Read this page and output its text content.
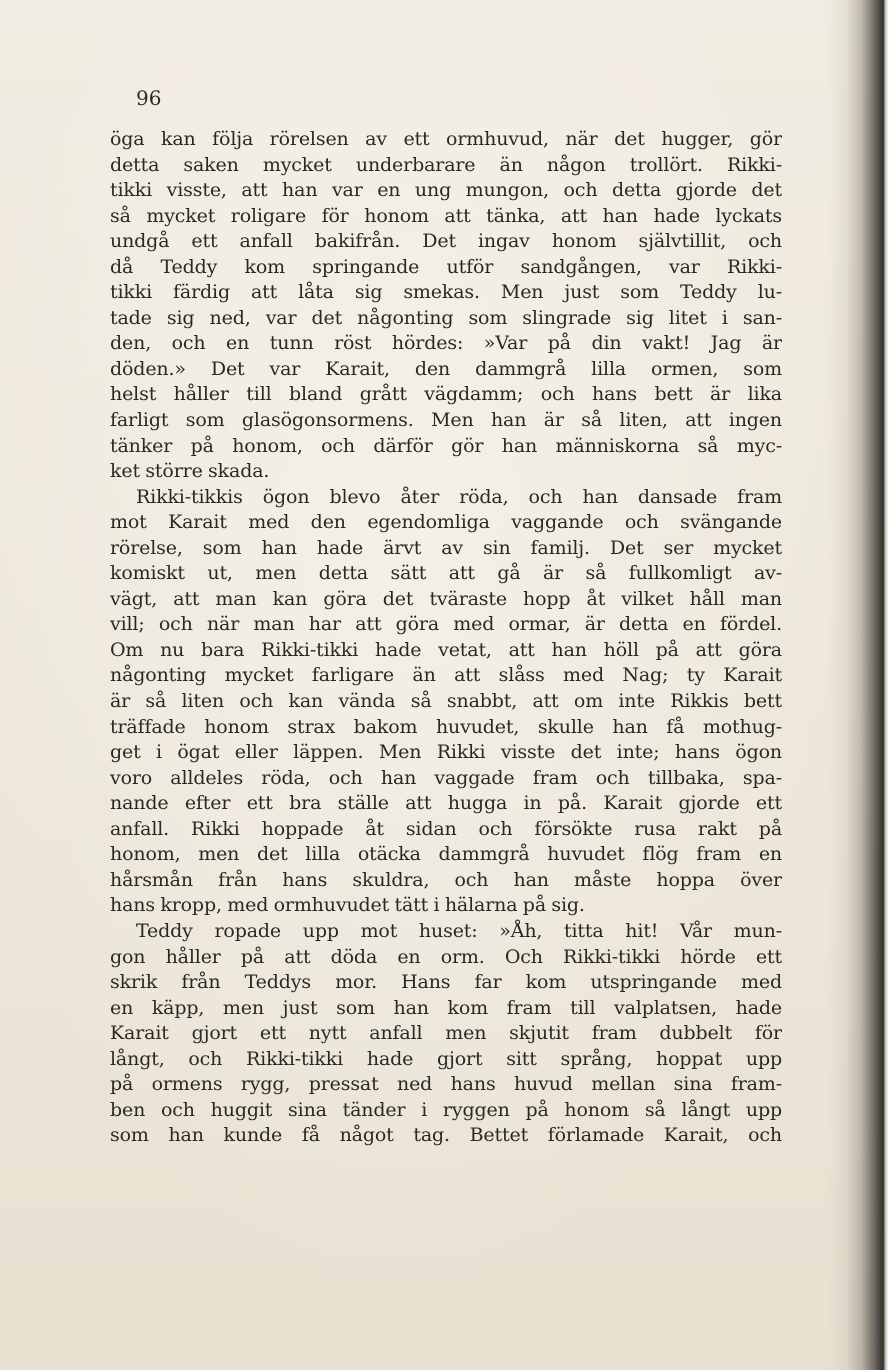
96
öga kan följa rörelsen av ett ormhuvud, när det hugger, gör
detta saken mycket underbarare än någon trollört. Rikki-
tikki visste, att han var en ung mungon, och detta gjorde det
så mycket roligare för honom att tänka, att han hade lyckats
undgå ett anfall bakifrån. Det ingav honom självtillit, och
då Teddy kom springande utför sandgången, var Rikki-
tikki färdig att låta sig smekas. Men just som Teddy lu-
tade sig ned, var det någonting som slingrade sig litet i san-
den, och en tunn röst hördes: »Var på din vakt! Jag är
döden.» Det var Karait, den dammgrå lilla ormen, som
helst håller till bland grått vägdamm; och hans bett är lika
farligt som glasögonsormens. Men han är så liten, att ingen
tänker på honom, och därför gör han människorna så myc-
ket större skada.
Rikki-tikkis ögon blevo åter röda, och han dansade fram
mot Karait med den egendomliga vaggande och svängande
rörelse, som han hade ärvt av sin familj. Det ser mycket
komiskt ut, men detta sätt att gå är så fullkomligt av-
vägt, att man kan göra det tväraste hopp åt vilket håll man
vill; och när man har att göra med ormar, är detta en fördel.
Om nu bara Rikki-tikki hade vetat, att han höll på att göra
någonting mycket farligare än att slåss med Nag; ty Karait
är så liten och kan vända så snabbt, att om inte Rikkis bett
träffade honom strax bakom huvudet, skulle han få mothug-
get i ögat eller läppen. Men Rikki visste det inte; hans ögon
voro alldeles röda, och han vaggade fram och tillbaka, spa-
nande efter ett bra ställe att hugga in på. Karait gjorde ett
anfall. Rikki hoppade åt sidan och försökte rusa rakt på
honom, men det lilla otäcka dammgrå huvudet flög fram en
hårsmån från hans skuldra, och han måste hoppa över
hans kropp, med ormhuvudet tätt i hälarna på sig.
Teddy ropade upp mot huset: »Åh, titta hit! Vår mun-
gon håller på att döda en orm. Och Rikki-tikki hörde ett
skrik från Teddys mor. Hans far kom utspringande med
en käpp, men just som han kom fram till valplatsen, hade
Karait gjort ett nytt anfall men skjutit fram dubbelt för
långt, och Rikki-tikki hade gjort sitt språng, hoppat upp
på ormens rygg, pressat ned hans huvud mellan sina fram-
ben och huggit sina tänder i ryggen på honom så långt upp
som han kunde få något tag. Bettet förlamade Karait, och
